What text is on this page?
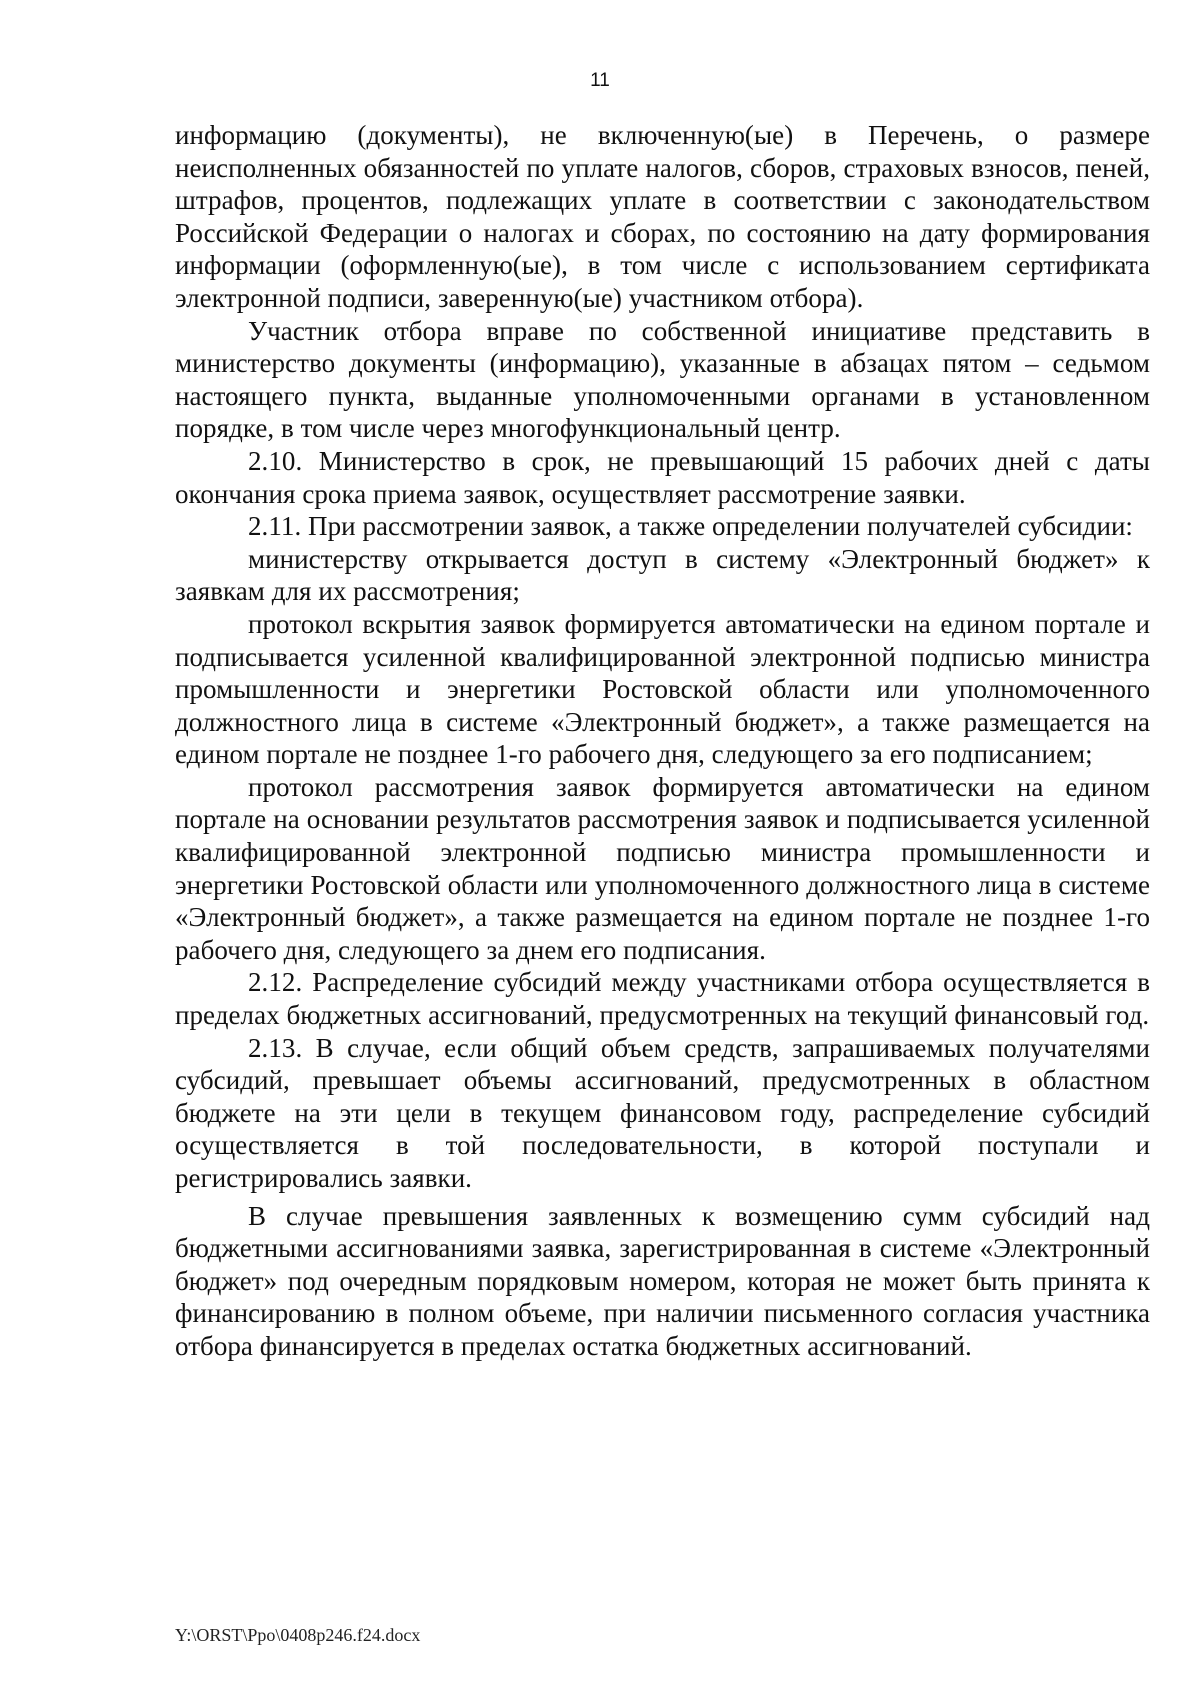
11

информацию (документы), не включенную(ые) в Перечень, о размере неисполненных обязанностей по уплате налогов, сборов, страховых взносов, пеней, штрафов, процентов, подлежащих уплате в соответствии с законодательством Российской Федерации о налогах и сборах, по состоянию на дату формирования информации (оформленную(ые), в том числе с использованием сертификата электронной подписи, заверенную(ые) участником отбора).

Участник отбора вправе по собственной инициативе представить в министерство документы (информацию), указанные в абзацах пятом – седьмом настоящего пункта, выданные уполномоченными органами в установленном порядке, в том числе через многофункциональный центр.

2.10. Министерство в срок, не превышающий 15 рабочих дней с даты окончания срока приема заявок, осуществляет рассмотрение заявки.

2.11. При рассмотрении заявок, а также определении получателей субсидии:

министерству открывается доступ в систему «Электронный бюджет» к заявкам для их рассмотрения;

протокол вскрытия заявок формируется автоматически на едином портале и подписывается усиленной квалифицированной электронной подписью министра промышленности и энергетики Ростовской области или уполномоченного должностного лица в системе «Электронный бюджет», а также размещается на едином портале не позднее 1-го рабочего дня, следующего за его подписанием;

протокол рассмотрения заявок формируется автоматически на едином портале на основании результатов рассмотрения заявок и подписывается усиленной квалифицированной электронной подписью министра промышленности и энергетики Ростовской области или уполномоченного должностного лица в системе «Электронный бюджет», а также размещается на едином портале не позднее 1-го рабочего дня, следующего за днем его подписания.

2.12. Распределение субсидий между участниками отбора осуществляется в пределах бюджетных ассигнований, предусмотренных на текущий финансовый год.

2.13. В случае, если общий объем средств, запрашиваемых получателями субсидий, превышает объемы ассигнований, предусмотренных в областном бюджете на эти цели в текущем финансовом году, распределение субсидий осуществляется в той последовательности, в которой поступали и регистрировались заявки.

В случае превышения заявленных к возмещению сумм субсидий над бюджетными ассигнованиями заявка, зарегистрированная в системе «Электронный бюджет» под очередным порядковым номером, которая не может быть принята к финансированию в полном объеме, при наличии письменного согласия участника отбора финансируется в пределах остатка бюджетных ассигнований.

Y:\ORST\Ppo\0408p246.f24.docx
